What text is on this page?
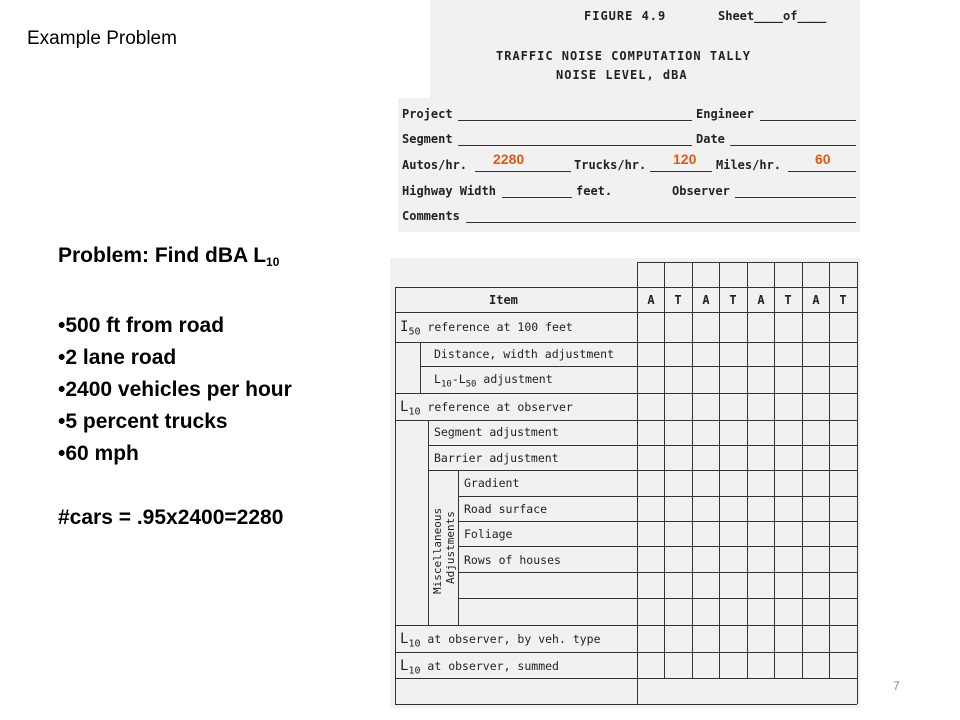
Example Problem
Problem: Find dBA $L_{10}$
•500 ft from road
•2 lane road
•2400 vehicles per hour
•5 percent trucks
•60 mph
#cars = .95x2400=2280
FIGURE 4.9	Sheet____of____
TRAFFIC NOISE COMPUTATION TALLY
NOISE LEVEL, dBA
Project	Engineer
Segment	Date
Autos/hr. 2280	Trucks/hr. 120 Miles/hr. 60
Highway Width	feet.	Observer
Comments
Item	A	T	A	T	A	T	A	T
$I_{50}$ reference at 100 feet
Distance, width adjustment
$L_{10}-L_{50}$ adjustment
$L_{10}$ reference at observer
Segment adjustment
Barrier adjustment
Gradient
Road surface
Foliage
Rows of houses
Miscellaneous Adjustments
$L_{10}$ at observer, by veh. type
$L_{10}$ at observer, summed
7
